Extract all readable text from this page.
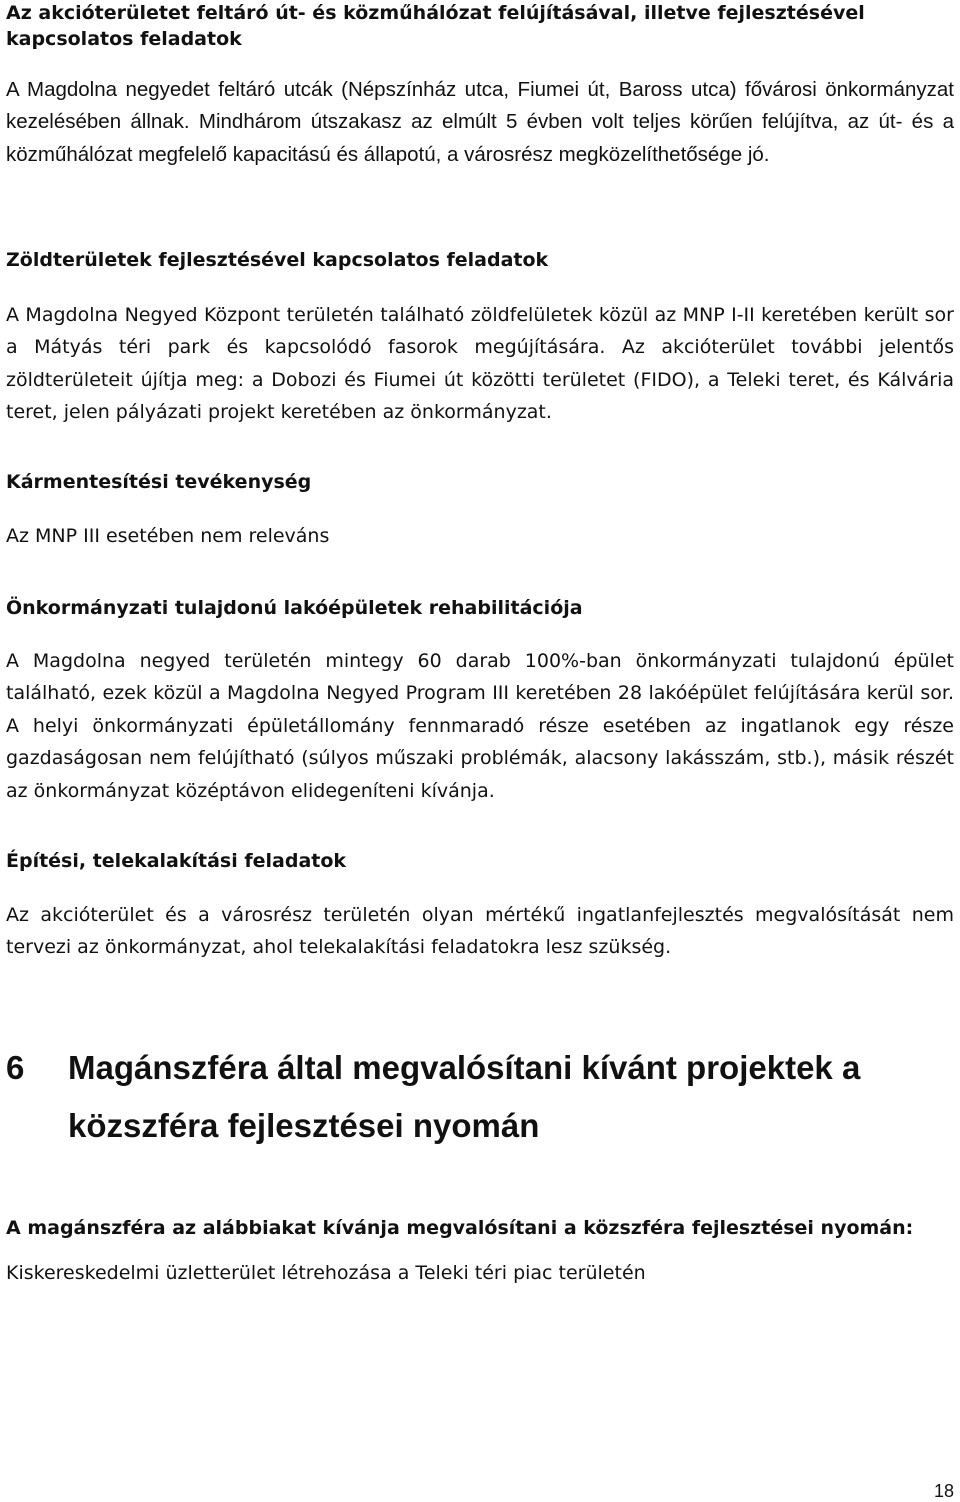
Az akcióterületet feltáró út- és közműhálózat felújításával, illetve fejlesztésével kapcsolatos feladatok
A Magdolna negyedet feltáró utcák (Népszínház utca, Fiumei út, Baross utca) fővárosi önkormányzat kezelésében állnak. Mindhárom útszakasz az elmúlt 5 évben volt teljes körűen felújítva, az út- és a közműhálózat megfelelő kapacitású és állapotú, a városrész megközelíthetősége jó.
Zöldterületek fejlesztésével kapcsolatos feladatok
A Magdolna Negyed Központ területén található zöldfelületek közül az MNP I-II keretében került sor a Mátyás téri park és kapcsolódó fasorok megújítására. Az akcióterület további jelentős zöldterületeit újítja meg: a Dobozi és Fiumei út közötti területet (FIDO), a Teleki teret, és Kálvária teret, jelen pályázati projekt keretében az önkormányzat.
Kármentesítési tevékenység
Az MNP III esetében nem releváns
Önkormányzati tulajdonú lakóépületek rehabilitációja
A Magdolna negyed területén mintegy 60 darab 100%-ban önkormányzati tulajdonú épület található, ezek közül a Magdolna Negyed Program III keretében 28 lakóépület felújítására kerül sor. A helyi önkormányzati épületállomány fennmaradó része esetében az ingatlanok egy része gazdaságosan nem felújítható (súlyos műszaki problémák, alacsony lakásszám, stb.), másik részét az önkormányzat középtávon elidegeníteni kívánja.
Építési, telekalakítási feladatok
Az akcióterület és a városrész területén olyan mértékű ingatlanfejlesztés megvalósítását nem tervezi az önkormányzat, ahol telekalakítási feladatokra lesz szükség.
6 Magánszféra által megvalósítani kívánt projektek a
közszféra fejlesztései nyomán
A magánszféra az alábbiakat kívánja megvalósítani a közszféra fejlesztései nyomán:
Kiskereskedelmi üzletterület létrehozása a Teleki téri piac területén
18
